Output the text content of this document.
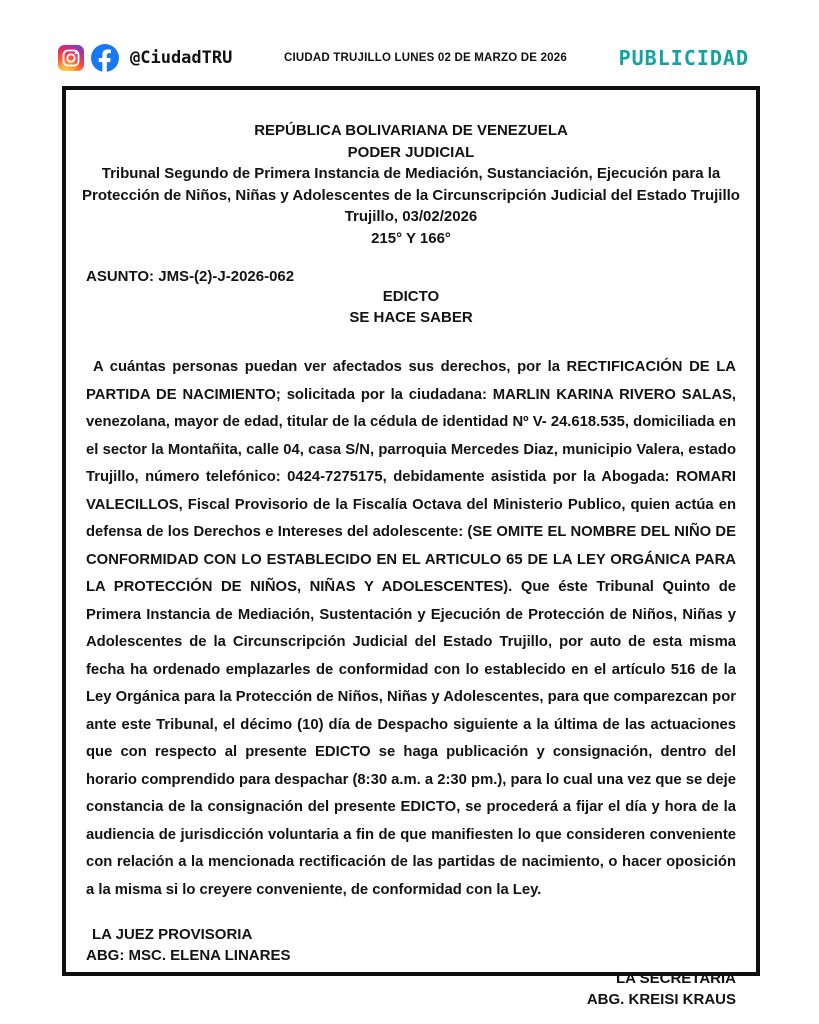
@CiudadTRU	CIUDAD TRUJILLO LUNES 02 DE MARZO DE 2026	PUBLICIDAD
REPÚBLICA BOLIVARIANA DE VENEZUELA
PODER JUDICIAL
Tribunal Segundo de Primera Instancia de Mediación, Sustanciación, Ejecución para la Protección de Niños, Niñas y Adolescentes de la Circunscripción Judicial del Estado Trujillo
Trujillo, 03/02/2026
215° Y 166°
ASUNTO: JMS-(2)-J-2026-062
EDICTO
SE HACE SABER
A cuántas personas puedan ver afectados sus derechos, por la RECTIFICACIÓN DE LA PARTIDA DE NACIMIENTO; solicitada por la ciudadana: MARLIN KARINA RIVERO SALAS, venezolana, mayor de edad, titular de la cédula de identidad Nº V- 24.618.535, domiciliada en el sector la Montañita, calle 04, casa S/N, parroquia Mercedes Diaz, municipio Valera, estado Trujillo, número telefónico: 0424-7275175, debidamente asistida por la Abogada: ROMARI VALECILLOS, Fiscal Provisorio de la Fiscalía Octava del Ministerio Publico, quien actúa en defensa de los Derechos e Intereses del adolescente: (SE OMITE EL NOMBRE DEL NIÑO DE CONFORMIDAD CON LO ESTABLECIDO EN EL ARTICULO 65 DE LA LEY ORGÁNICA PARA LA PROTECCIÓN DE NIÑOS, NIÑAS Y ADOLESCENTES). Que éste Tribunal Quinto de Primera Instancia de Mediación, Sustentación y Ejecución de Protección de Niños, Niñas y Adolescentes de la Circunscripción Judicial del Estado Trujillo, por auto de esta misma fecha ha ordenado emplazarles de conformidad con lo establecido en el artículo 516 de la Ley Orgánica para la Protección de Niños, Niñas y Adolescentes, para que comparezcan por ante este Tribunal, el décimo (10) día de Despacho siguiente a la última de las actuaciones que con respecto al presente EDICTO se haga publicación y consignación, dentro del horario comprendido para despachar (8:30 a.m. a 2:30 pm.), para lo cual una vez que se deje constancia de la consignación del presente EDICTO, se procederá a fijar el día y hora de la audiencia de jurisdicción voluntaria a fin de que manifiesten lo que consideren conveniente con relación a la mencionada rectificación de las partidas de nacimiento, o hacer oposición a la misma si lo creyere conveniente, de conformidad con la Ley.
LA JUEZ PROVISORIA
ABG: MSC. ELENA LINARES
LA SECRETARIA
ABG. KREISI KRAUS
